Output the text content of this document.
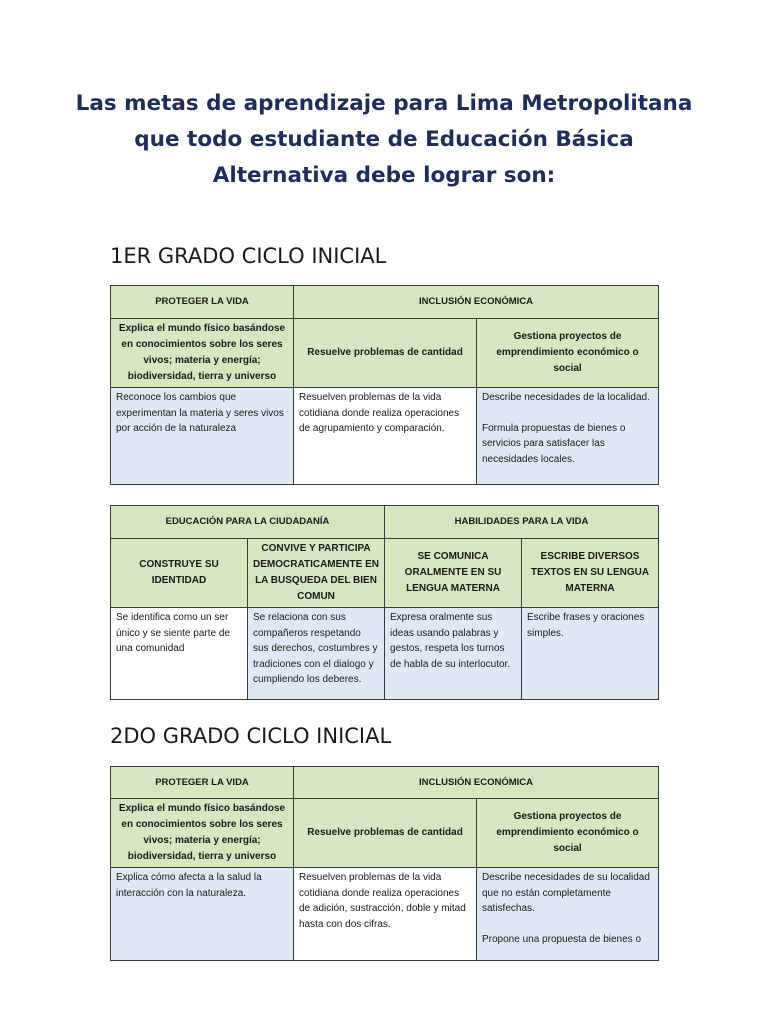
Las metas de aprendizaje para Lima Metropolitana
que todo estudiante de Educación Básica
Alternativa debe lograr son:
1ER GRADO CICLO INICIAL
PROTEGER LA VIDA	INCLUSIÓN ECONÓMICA	
Explica el mundo físico basándose en conocimientos sobre los seres vivos; materia y energía; biodiversidad, tierra y universo	Resuelve problemas de cantidad	Gestiona proyectos de emprendimiento económico o social
Reconoce los cambios que experimentan la materia y seres vivos por acción de la naturaleza	Resuelven problemas de la vida cotidiana donde realiza operaciones de agrupamiento y comparación.	Describe necesidades de la localidad.
Formula propuestas de bienes o servicios para satisfacer las necesidades locales.
EDUCACIÓN PARA LA CIUDADANÍA		HABILIDADES PARA LA VIDA	
CONSTRUYE SU IDENTIDAD	CONVIVE Y PARTICIPA DEMOCRATICAMENTE EN LA BUSQUEDA DEL BIEN COMUN	SE COMUNICA ORALMENTE EN SU LENGUA MATERNA	ESCRIBE DIVERSOS TEXTOS EN SU LENGUA MATERNA
Se identifica como un ser único y se siente parte de una comunidad	Se relaciona con sus compañeros respetando sus derechos, costumbres y tradiciones con el dialogo y cumpliendo los deberes.	Expresa oralmente sus ideas usando palabras y gestos, respeta los turnos de habla de su interlocutor.	Escribe frases y oraciones simples.
2DO GRADO CICLO INICIAL
PROTEGER LA VIDA	INCLUSIÓN ECONÓMICA	
Explica el mundo físico basándose en conocimientos sobre los seres vivos; materia y energía; biodiversidad, tierra y universo	Resuelve problemas de cantidad	Gestiona proyectos de emprendimiento económico o social
Explica cómo afecta a la salud la interacción con la naturaleza.	Resuelven problemas de la vida cotidiana donde realiza operaciones de adición, sustracción, doble y mitad hasta con dos cifras.	Describe necesidades de su localidad que no están completamente satisfechas.
Propone una propuesta de bienes o
